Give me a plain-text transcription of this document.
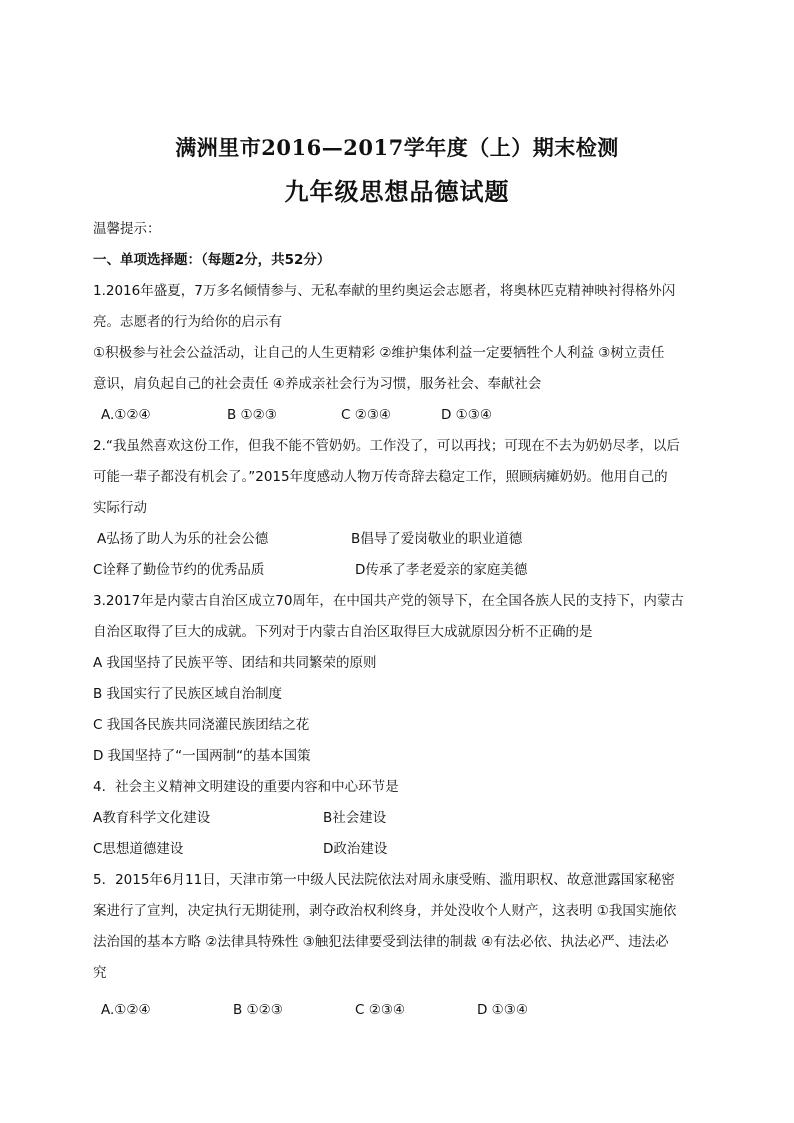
满洲里市2016—2017学年度（上）期末检测
九年级思想品德试题
温馨提示：
一、单项选择题：（每题2分，共52分）
1.2016年盛夏，7万多名倾情参与、无私奉献的里约奥运会志愿者，将奥林匹克精神映衬得格外闪
亮。志愿者的行为给你的启示有
①积极参与社会公益活动，让自己的人生更精彩 ②维护集体利益一定要牺牲个人利益 ③树立责任
意识，肩负起自己的社会责任 ④养成亲社会行为习惯，服务社会、奉献社会
A.①②④	B ①②③	C ②③④	D ①③④
2.“我虽然喜欢这份工作，但我不能不管奶奶。工作没了，可以再找；可现在不去为奶奶尽孝，以后
可能一辈子都没有机会了。”2015年度感动人物万传奇辞去稳定工作，照顾病瘫奶奶。他用自己的
实际行动
A弘扬了助人为乐的社会公德	B倡导了爱岗敬业的职业道德
C诠释了勤俭节约的优秀品质	D传承了孝老爱亲的家庭美德
3.2017年是内蒙古自治区成立70周年，在中国共产党的领导下，在全国各族人民的支持下，内蒙古
自治区取得了巨大的成就。下列对于内蒙古自治区取得巨大成就原因分析不正确的是
A 我国坚持了民族平等、团结和共同繁荣的原则
B 我国实行了民族区域自治制度
C 我国各民族共同浇灌民族团结之花
D 我国坚持了“一国两制“的基本国策
4．社会主义精神文明建设的重要内容和中心环节是
A教育科学文化建设	B社会建设
C思想道德建设	D政治建设
5．2015年6月11日，天津市第一中级人民法院依法对周永康受贿、滥用职权、故意泄露国家秘密
案进行了宣判，决定执行无期徒刑，剥夺政治权利终身，并处没收个人财产，这表明 ①我国实施依
法治国的基本方略 ②法律具特殊性 ③触犯法律要受到法律的制裁 ④有法必依、执法必严、违法必
究
A.①②④	B ①②③	C ②③④	D ①③④
